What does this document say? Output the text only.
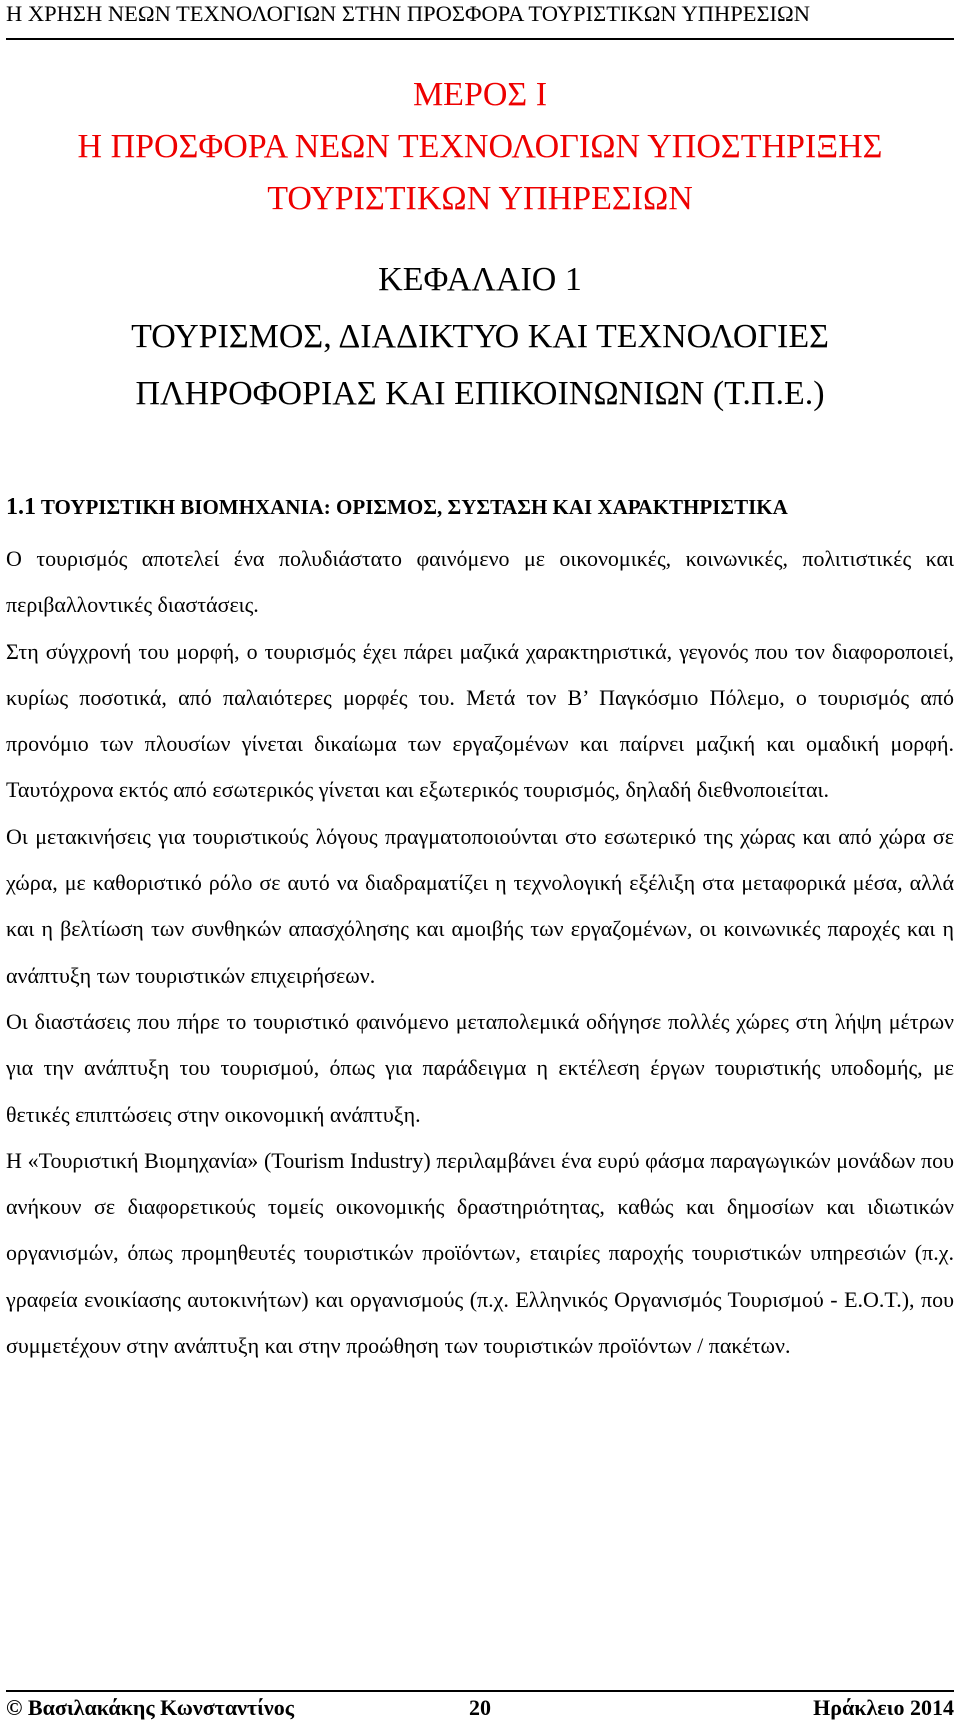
Η ΧΡΗΣΗ ΝΕΩΝ ΤΕΧΝΟΛΟΓΙΩΝ ΣΤΗΝ ΠΡΟΣΦΟΡΑ ΤΟΥΡΙΣΤΙΚΩΝ ΥΠΗΡΕΣΙΩΝ
ΜΕΡΟΣ Ι
Η ΠΡΟΣΦΟΡΑ ΝΕΩΝ ΤΕΧΝΟΛΟΓΙΩΝ ΥΠΟΣΤΗΡΙΞΗΣ
ΤΟΥΡΙΣΤΙΚΩΝ ΥΠΗΡΕΣΙΩΝ
ΚΕΦΑΛΑΙΟ 1
ΤΟΥΡΙΣΜΟΣ, ΔΙΑΔΙΚΤΥΟ ΚΑΙ ΤΕΧΝΟΛΟΓΙΕΣ
ΠΛΗΡΟΦΟΡΙΑΣ ΚΑΙ ΕΠΙΚΟΙΝΩΝΙΩΝ (Τ.Π.Ε.)
1.1 ΤΟΥΡΙΣΤΙΚΗ ΒΙΟΜΗΧΑΝΙΑ: ΟΡΙΣΜΟΣ, ΣΥΣΤΑΣΗ ΚΑΙ ΧΑΡΑΚΤΗΡΙΣΤΙΚΑ

Ο τουρισμός αποτελεί ένα πολυδιάστατο φαινόμενο με οικονομικές, κοινωνικές, πολιτιστικές και περιβαλλοντικές διαστάσεις.

Στη σύγχρονή του μορφή, ο τουρισμός έχει πάρει μαζικά χαρακτηριστικά, γεγονός που τον διαφοροποιεί, κυρίως ποσοτικά, από παλαιότερες μορφές του. Μετά τον Β’ Παγκόσμιο Πόλεμο, ο τουρισμός από προνόμιο των πλουσίων γίνεται δικαίωμα των εργαζομένων και παίρνει μαζική και ομαδική μορφή. Ταυτόχρονα εκτός από εσωτερικός γίνεται και εξωτερικός τουρισμός, δηλαδή διεθνοποιείται.

Οι μετακινήσεις για τουριστικούς λόγους πραγματοποιούνται στο εσωτερικό της χώρας και από χώρα σε χώρα, με καθοριστικό ρόλο σε αυτό να διαδραματίζει η τεχνολογική εξέλιξη στα μεταφορικά μέσα, αλλά και η βελτίωση των συνθηκών απασχόλησης και αμοιβής των εργαζομένων, οι κοινωνικές παροχές και η ανάπτυξη των τουριστικών επιχειρήσεων.

Οι διαστάσεις που πήρε το τουριστικό φαινόμενο μεταπολεμικά οδήγησε πολλές χώρες στη λήψη μέτρων για την ανάπτυξη του τουρισμού, όπως για παράδειγμα η εκτέλεση έργων τουριστικής υποδομής, με θετικές επιπτώσεις στην οικονομική ανάπτυξη.

Η «Τουριστική Βιομηχανία» (Tourism Industry) περιλαμβάνει ένα ευρύ φάσμα παραγωγικών μονάδων που ανήκουν σε διαφορετικούς τομείς οικονομικής δραστηριότητας, καθώς και δημοσίων και ιδιωτικών οργανισμών, όπως προμηθευτές τουριστικών προϊόντων, εταιρίες παροχής τουριστικών υπηρεσιών (π.χ. γραφεία ενοικίασης αυτοκινήτων) και οργανισμούς (π.χ. Ελληνικός Οργανισμός Τουρισμού - Ε.Ο.Τ.), που συμμετέχουν στην ανάπτυξη και στην προώθηση των τουριστικών προϊόντων / πακέτων.

© Βασιλακάκης Κωνσταντίνος	20	Ηράκλειο 2014
